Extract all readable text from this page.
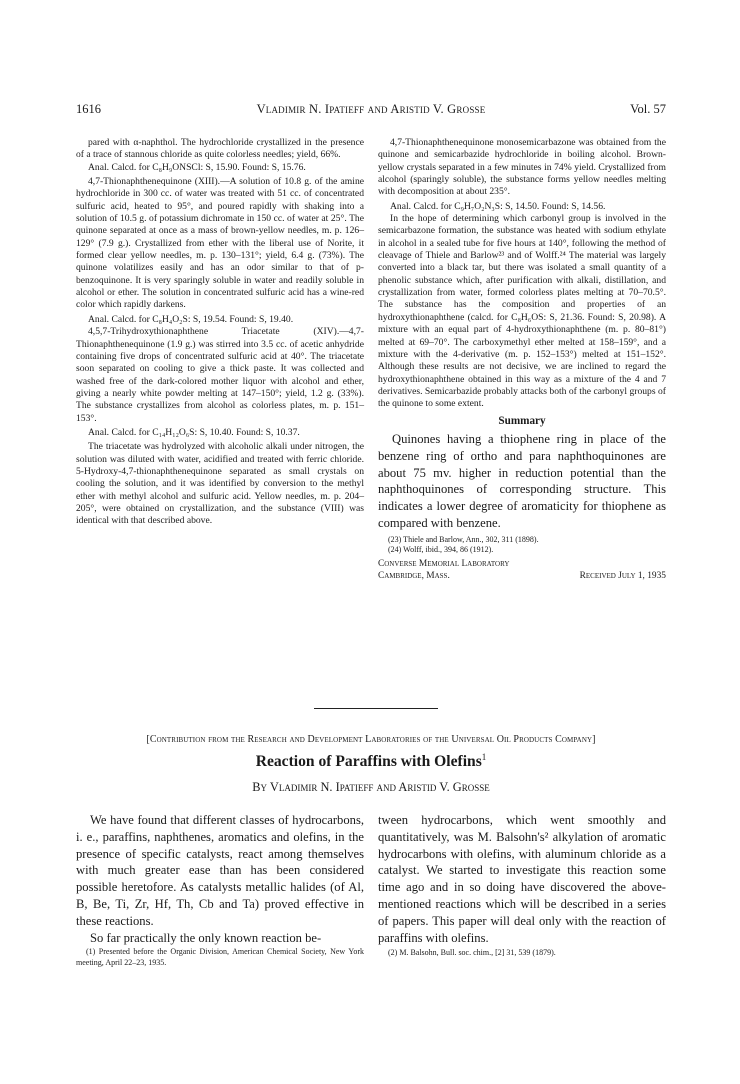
1616	Vladimir N. Ipatieff and Aristid V. Grosse	Vol. 57

pared with α-naphthol. The hydrochloride crystallized in the presence of a trace of stannous chloride as quite colorless needles; yield, 66%.

Anal. Calcd. for C₈H₉ONSCl: S, 15.90. Found: S, 15.76.

4,7-Thionaphthenequinone (XIII).—A solution of 10.8 g. of the amine hydrochloride in 300 cc. of water was treated with 51 cc. of concentrated sulfuric acid, heated to 95°, and poured rapidly with shaking into a solution of 10.5 g. of potassium dichromate in 150 cc. of water at 25°. The quinone separated at once as a mass of brown-yellow needles, m. p. 126–129° (7.9 g.). Crystallized from ether with the liberal use of Norite, it formed clear yellow needles, m. p. 130–131°; yield, 6.4 g. (73%). The quinone volatilizes easily and has an odor similar to that of p-benzoquinone. It is very sparingly soluble in water and readily soluble in alcohol or ether. The solution in concentrated sulfuric acid has a wine-red color which rapidly darkens.

Anal. Calcd. for C₈H₄O₂S: S, 19.54. Found: S, 19.40.

4,5,7-Trihydroxythionaphthene Triacetate (XIV).—4,7-Thionaphthenequinone (1.9 g.) was stirred into 3.5 cc. of acetic anhydride containing five drops of concentrated sulfuric acid at 40°. The triacetate soon separated on cooling to give a thick paste. It was collected and washed free of the dark-colored mother liquor with alcohol and ether, giving a nearly white powder melting at 147–150°; yield, 1.2 g. (33%). The substance crystallizes from alcohol as colorless plates, m. p. 151–153°.

Anal. Calcd. for C₁₄H₁₂O₆S: S, 10.40. Found: S, 10.37.

The triacetate was hydrolyzed with alcoholic alkali under nitrogen, the solution was diluted with water, acidified and treated with ferric chloride. 5-Hydroxy-4,7-thionaphthenequinone separated as small crystals on cooling the solution, and it was identified by conversion to the methyl ether with methyl alcohol and sulfuric acid. Yellow needles, m. p. 204–205°, were obtained on crystallization, and the substance (VIII) was identical with that described above.

4,7-Thionaphthenequinone monosemicarbazone was obtained from the quinone and semicarbazide hydrochloride in boiling alcohol. Brown-yellow crystals separated in a few minutes in 74% yield. Crystallized from alcohol (sparingly soluble), the substance forms yellow needles melting with decomposition at about 235°.

Anal. Calcd. for C₉H₇O₂N₃S: S, 14.50. Found: S, 14.56.

In the hope of determining which carbonyl group is involved in the semicarbazone formation, the substance was heated with sodium ethylate in alcohol in a sealed tube for five hours at 140°, following the method of cleavage of Thiele and Barlow²³ and of Wolff.²⁴ The material was largely converted into a black tar, but there was isolated a small quantity of a phenolic substance which, after purification with alkali, distillation, and crystallization from water, formed colorless plates melting at 70–70.5°. The substance has the composition and properties of an hydroxythionaphthene (calcd. for C₈H₆OS: S, 21.36. Found: S, 20.98). A mixture with an equal part of 4-hydroxythionaphthene (m. p. 80–81°) melted at 69–70°. The carboxymethyl ether melted at 158–159°, and a mixture with the 4-derivative (m. p. 152–153°) melted at 151–152°. Although these results are not decisive, we are inclined to regard the hydroxythionaphthene obtained in this way as a mixture of the 4 and 7 derivatives. Semicarbazide probably attacks both of the carbonyl groups of the quinone to some extent.

Summary

Quinones having a thiophene ring in place of the benzene ring of ortho and para naphthoquinones are about 75 mv. higher in reduction potential than the naphthoquinones of corresponding structure. This indicates a lower degree of aromaticity for thiophene as compared with benzene.

(23) Thiele and Barlow, Ann., 302, 311 (1898).

(24) Wolff, ibid., 394, 86 (1912).

Converse Memorial Laboratory
Cambridge, Mass.	Received July 1, 1935
[Contribution from the Research and Development Laboratories of the Universal Oil Products Company]
Reaction of Paraffins with Olefins$^1$
By Vladimir N. Ipatieff and Aristid V. Grosse

We have found that different classes of hydrocarbons, i. e., paraffins, naphthenes, aromatics and olefins, in the presence of specific catalysts, react among themselves with much greater ease than has been considered possible heretofore. As catalysts metallic halides (of Al, B, Be, Ti, Zr, Hf, Th, Cb and Ta) proved effective in these reactions.

So far practically the only known reaction be-

(1) Presented before the Organic Division, American Chemical Society, New York meeting, April 22–23, 1935.

tween hydrocarbons, which went smoothly and quantitatively, was M. Balsohn's² alkylation of aromatic hydrocarbons with olefins, with aluminum chloride as a catalyst. We started to investigate this reaction some time ago and in so doing have discovered the above-mentioned reactions which will be described in a series of papers. This paper will deal only with the reaction of paraffins with olefins.

(2) M. Balsohn, Bull. soc. chim., [2] 31, 539 (1879).
